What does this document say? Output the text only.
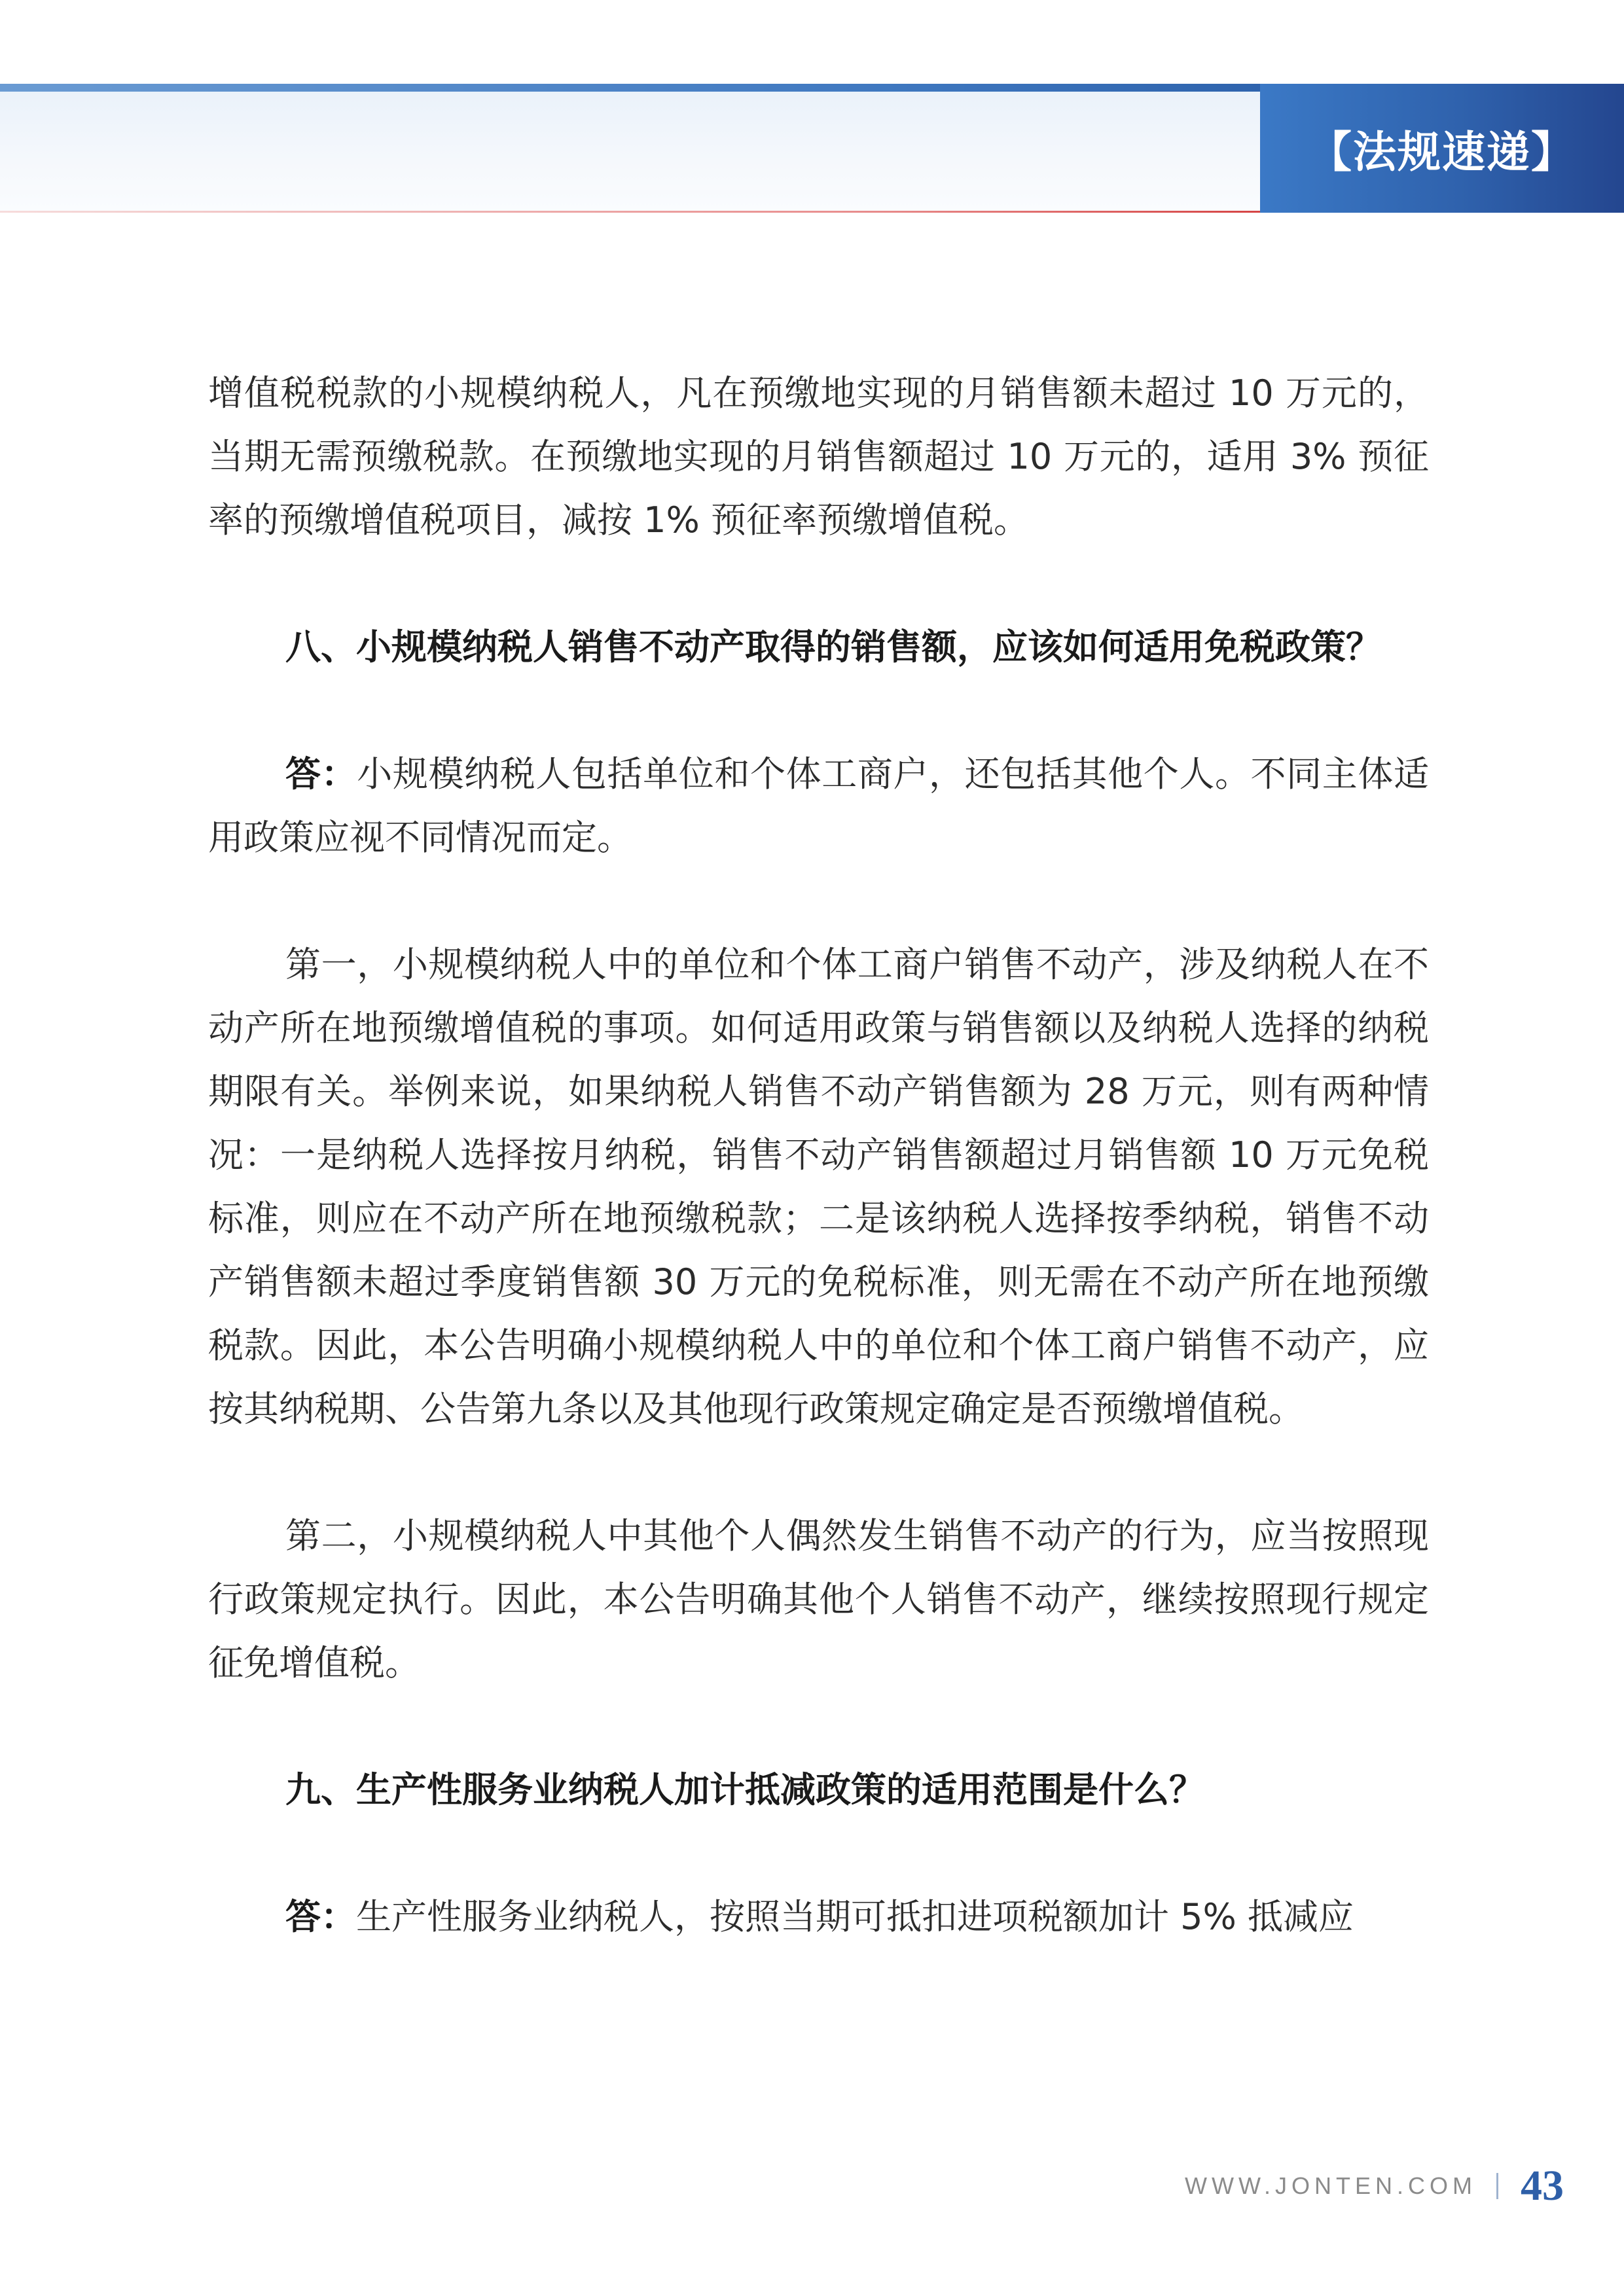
【法规速递】

增值税税款的小规模纳税人，凡在预缴地实现的月销售额未超过 10 万元的，当期无需预缴税款。在预缴地实现的月销售额超过 10 万元的，适用 3% 预征率的预缴增值税项目，减按 1% 预征率预缴增值税。

八、小规模纳税人销售不动产取得的销售额，应该如何适用免税政策？

答：小规模纳税人包括单位和个体工商户，还包括其他个人。不同主体适用政策应视不同情况而定。

第一，小规模纳税人中的单位和个体工商户销售不动产，涉及纳税人在不动产所在地预缴增值税的事项。如何适用政策与销售额以及纳税人选择的纳税期限有关。举例来说，如果纳税人销售不动产销售额为 28 万元，则有两种情况：一是纳税人选择按月纳税，销售不动产销售额超过月销售额 10 万元免税标准，则应在不动产所在地预缴税款；二是该纳税人选择按季纳税，销售不动产销售额未超过季度销售额 30 万元的免税标准，则无需在不动产所在地预缴税款。因此，本公告明确小规模纳税人中的单位和个体工商户销售不动产，应按其纳税期、公告第九条以及其他现行政策规定确定是否预缴增值税。

第二，小规模纳税人中其他个人偶然发生销售不动产的行为，应当按照现行政策规定执行。因此，本公告明确其他个人销售不动产，继续按照现行规定征免增值税。

九、生产性服务业纳税人加计抵减政策的适用范围是什么？

答：生产性服务业纳税人，按照当期可抵扣进项税额加计 5% 抵减应

WWW.JONTEN.COM 43
